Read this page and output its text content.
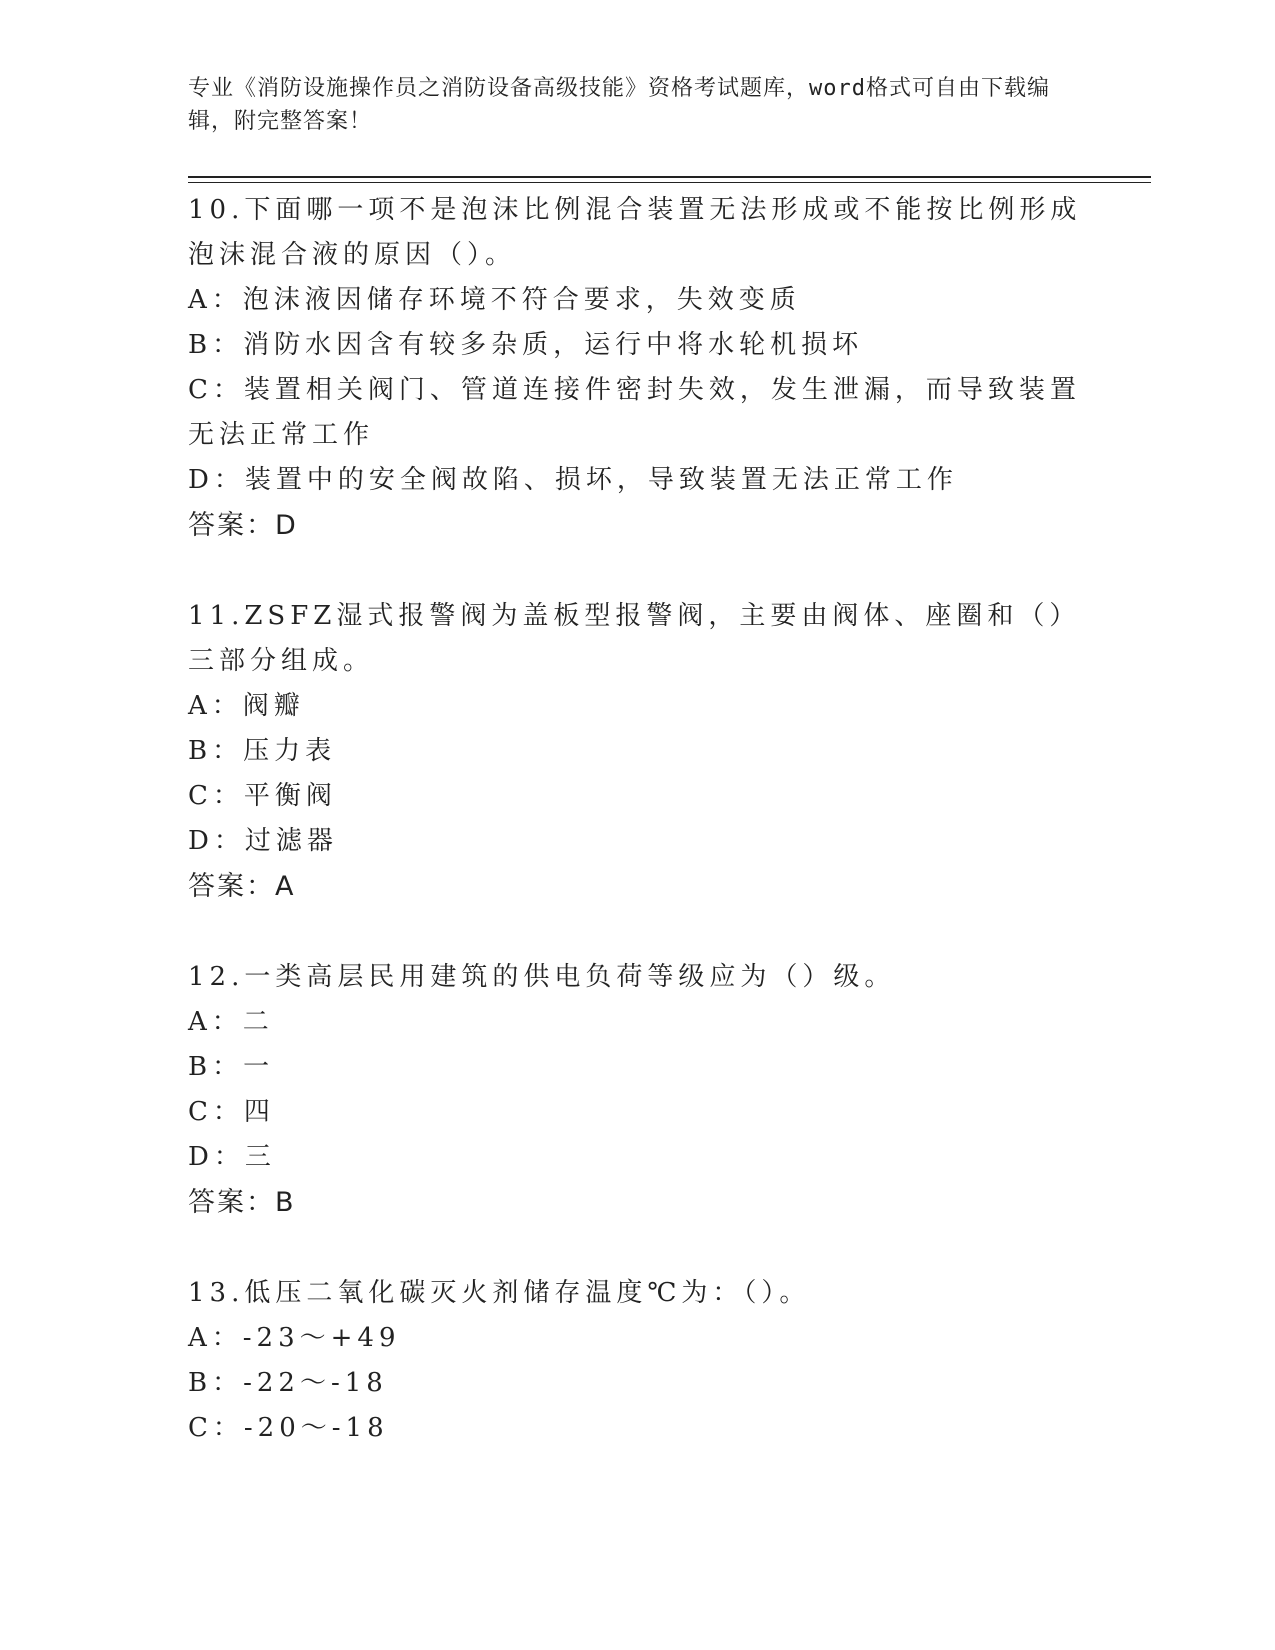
专业《消防设施操作员之消防设备高级技能》资格考试题库，word格式可自由下载编辑，附完整答案！

10.下面哪一项不是泡沫比例混合装置无法形成或不能按比例形成泡沫混合液的原因（）。

A：泡沫液因储存环境不符合要求，失效变质

B：消防水因含有较多杂质，运行中将水轮机损坏

C：装置相关阀门、管道连接件密封失效，发生泄漏，而导致装置无法正常工作

D：装置中的安全阀故陷、损坏，导致装置无法正常工作

答案：D

11.ZSFZ湿式报警阀为盖板型报警阀，主要由阀体、座圈和（）三部分组成。

A：阀瓣

B：压力表

C：平衡阀

D：过滤器

答案：A

12.一类高层民用建筑的供电负荷等级应为（）级。

A：二

B：一

C：四

D：三

答案：B

13.低压二氧化碳灭火剂储存温度℃为：（）。

A：-23～+49

B：-22～-18

C：-20～-18
